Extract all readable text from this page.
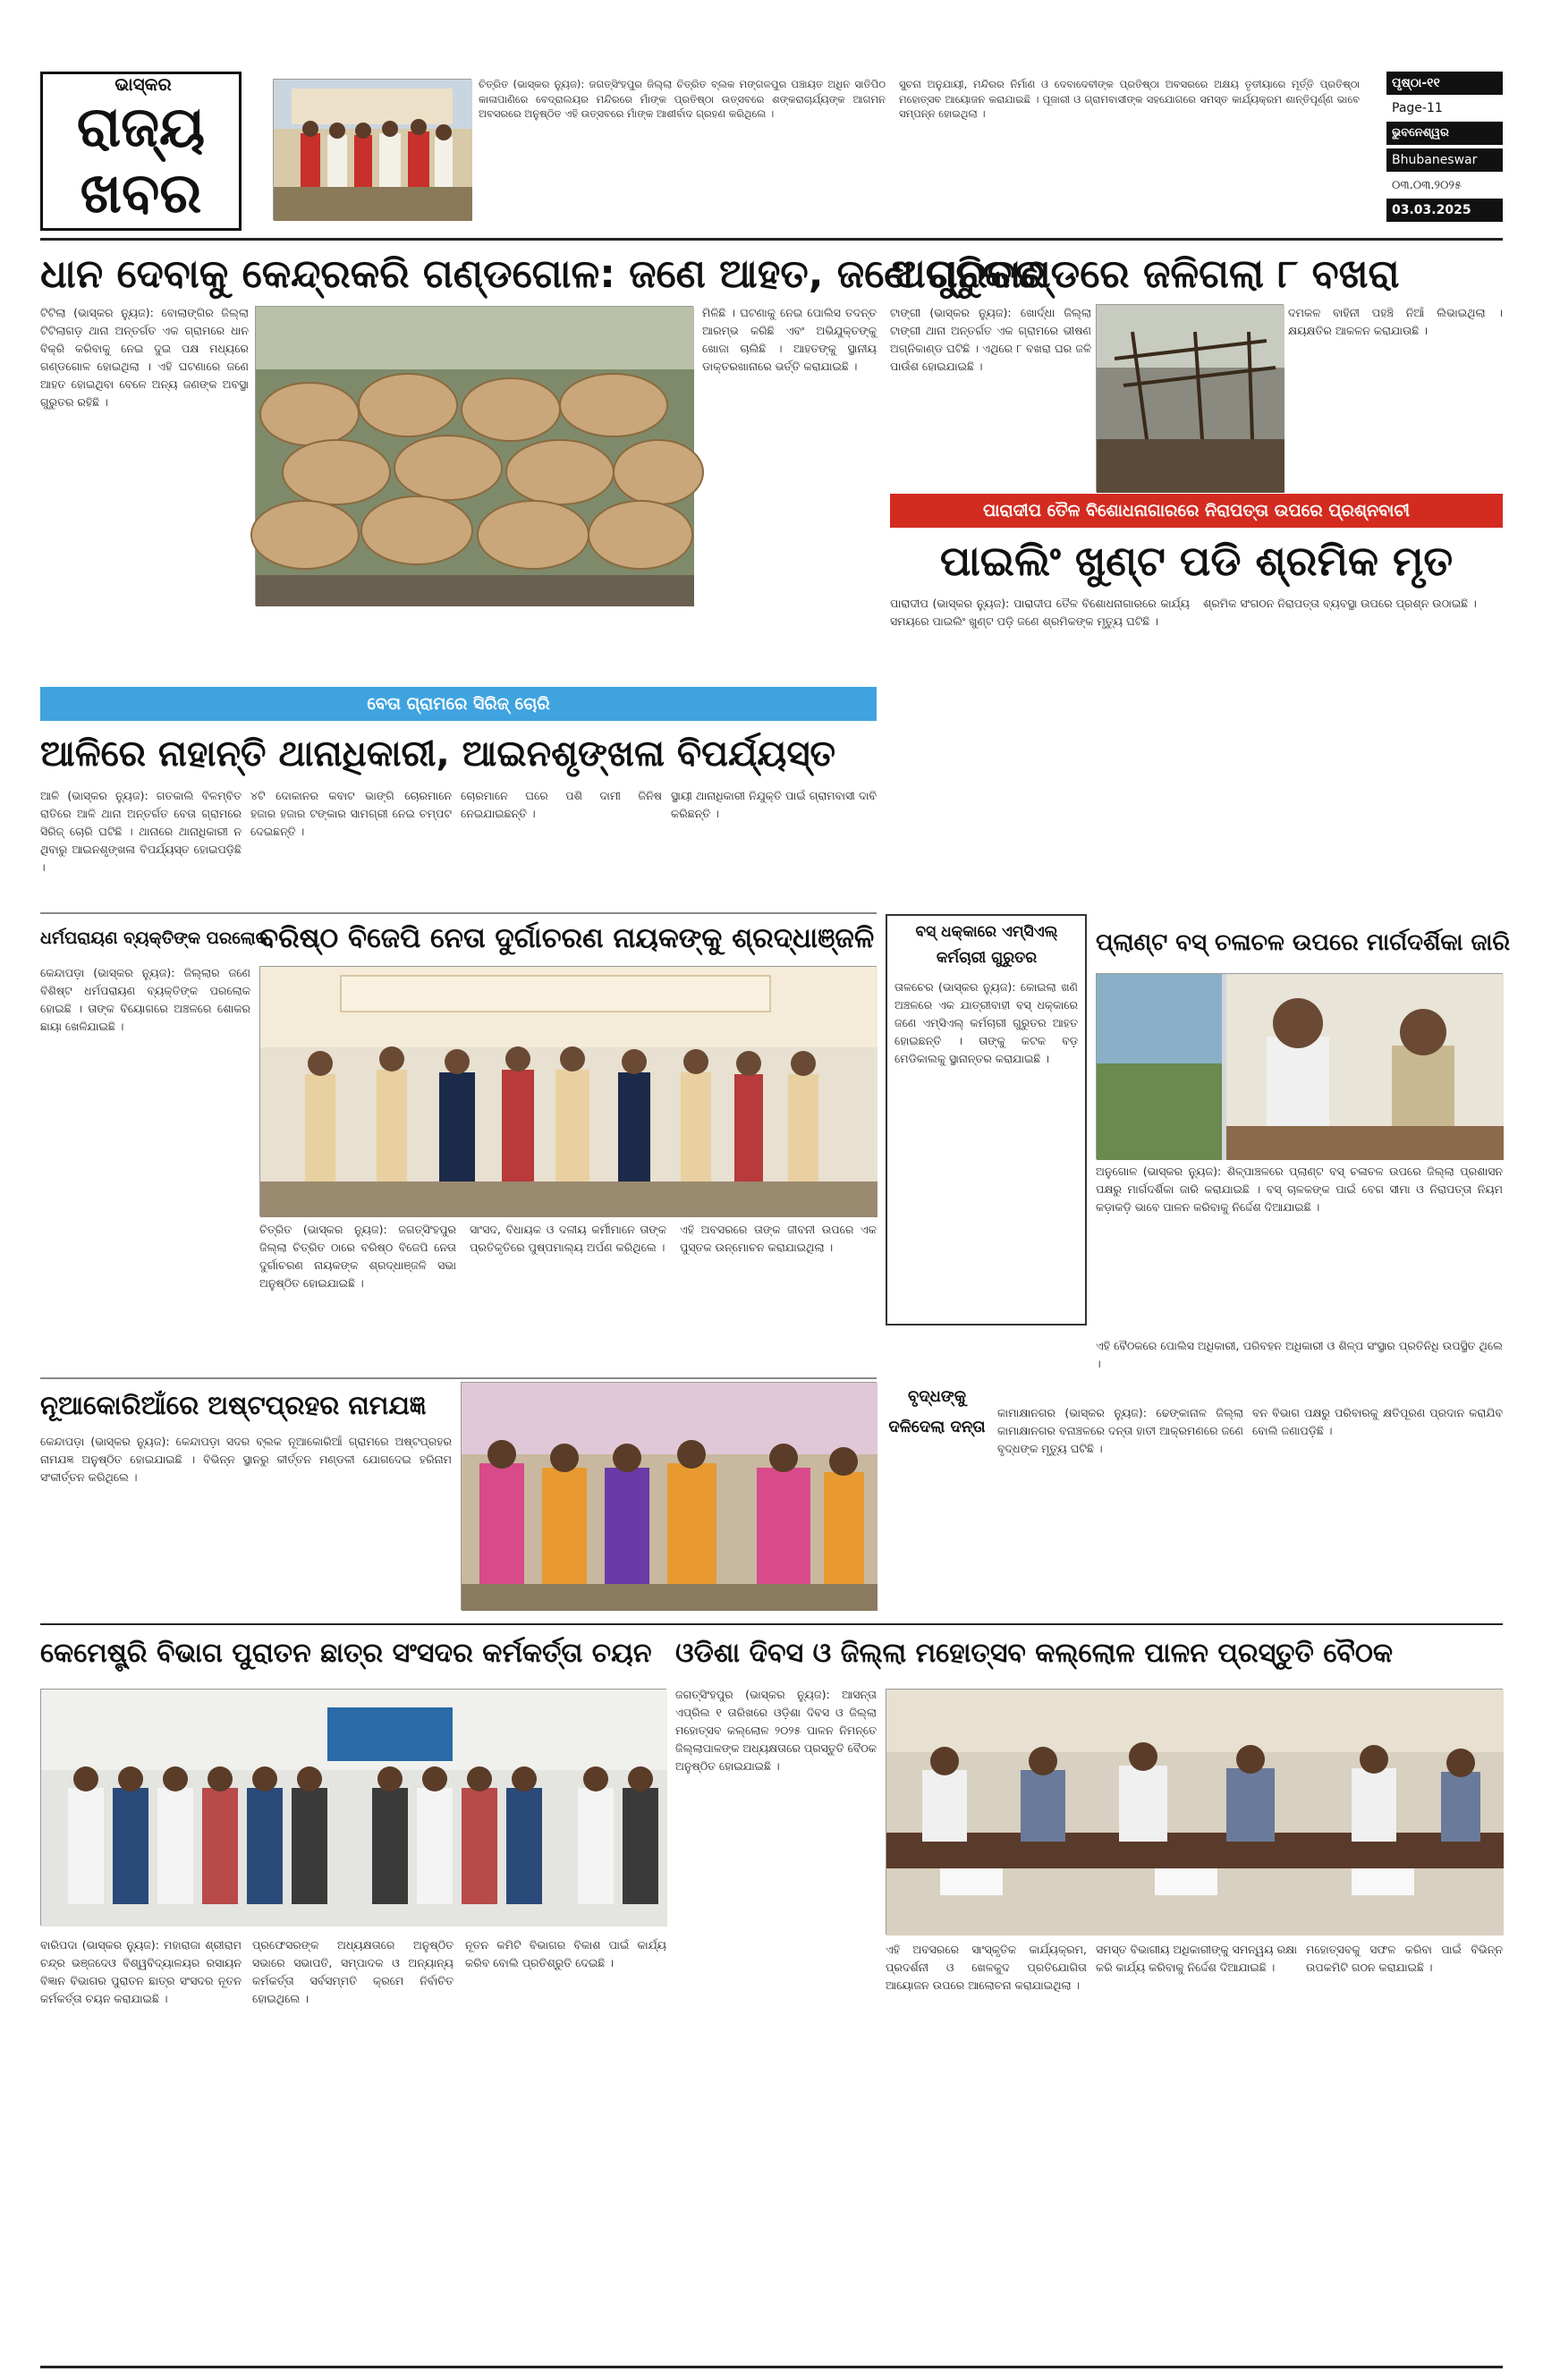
ଭାସ୍କର
ରାଜ୍ୟ
ଖବର
ଚିତ୍ରିତ (ଭାସ୍କର ନ୍ୟୁଜ): ଜଗତ୍ସିଂହପୁର ଜିଲ୍ଲା ଚିତ୍ରିତ ବ୍ଲକ ମଙ୍ଗଳପୁର ପଞ୍ଚାୟତ ଅଧିନ ସାତିପିଠ କାଳାପାଣିରେ ବେଦ୍ରାଲୟର ମନ୍ଦିରରେ ମାଁଙ୍କ ପ୍ରତିଷ୍ଠା ଉତ୍ସବରେ ଶଙ୍କରାଚାର୍ଯ୍ୟଙ୍କ ଆଗମନ ଅବସରରେ ଅନୁଷ୍ଠିତ ଏହି ଉତ୍ସବରେ ମାଁଙ୍କ ଆଶୀର୍ବାଦ ଗ୍ରହଣ କରିଥିଲେ ।
ସୁଚନା ଅନୁଯାୟୀ, ମନ୍ଦିରର ନିର୍ମାଣ ଓ ଦେବାଦେବୀଙ୍କ ପ୍ରତିଷ୍ଠା ଅବସରରେ ଅକ୍ଷୟ ତୃତୀୟାରେ ମୂର୍ତ୍ତି ପ୍ରତିଷ୍ଠା ମହୋତ୍ସବ ଆୟୋଜନ କରାଯାଇଛି । ପୂଜାରୀ ଓ ଗ୍ରାମବାସୀଙ୍କ ସହଯୋଗରେ ସମସ୍ତ କାର୍ଯ୍ୟକ୍ରମ ଶାନ୍ତିପୂର୍ଣ୍ଣ ଭାବେ ସମ୍ପନ୍ନ ହୋଇଥିଲା ।
ପୃଷ୍ଠା-୧୧
Page-11
ଭୁବନେଶ୍ୱର
Bhubaneswar
୦୩.୦୩.୨୦୨୫
03.03.2025
ଧାନ ଦେବାକୁ କେନ୍ଦ୍ରକରି ଗଣ୍ଡଗୋଳ: ଜଣେ ଆହତ, ଜଣେ ଗୁରୁତର
ଟିଟିଲା (ଭାସ୍କର ନ୍ୟୁଜ): ବୋଲାଙ୍ଗିର ଜିଲ୍ଲା ଟିଟିଲାଗଡ଼ ଥାନା ଅନ୍ତର୍ଗତ ଏକ ଗ୍ରାମରେ ଧାନ ବିକ୍ରି କରିବାକୁ ନେଇ ଦୁଇ ପକ୍ଷ ମଧ୍ୟରେ ଗଣ୍ଡଗୋଳ ହୋଇଥିଲା । ଏହି ଘଟଣାରେ ଜଣେ ଆହତ ହୋଇଥିବା ବେଳେ ଅନ୍ୟ ଜଣଙ୍କ ଅବସ୍ଥା ଗୁରୁତର ରହିଛି ।
ମିଳିଛି । ଘଟଣାକୁ ନେଇ ପୋଲିସ ତଦନ୍ତ ଆରମ୍ଭ କରିଛି ଏବଂ ଅଭିଯୁକ୍ତଙ୍କୁ ଖୋଜା ଚାଲିଛି । ଆହତଙ୍କୁ ସ୍ଥାନୀୟ ଡାକ୍ତରଖାନାରେ ଭର୍ତ୍ତି କରାଯାଇଛି ।
ଅଗ୍ନିକାଣ୍ଡରେ ଜଳିଗଲା ୮ ବଖରା
ଟାଙ୍ଗୀ (ଭାସ୍କର ନ୍ୟୁଜ): ଖୋର୍ଦ୍ଧା ଜିଲ୍ଲା ଟାଙ୍ଗୀ ଥାନା ଅନ୍ତର୍ଗତ ଏକ ଗ୍ରାମରେ ଭୀଷଣ ଅଗ୍ନିକାଣ୍ଡ ଘଟିଛି । ଏଥିରେ ୮ ବଖରା ଘର ଜଳି ପାଉଁଶ ହୋଇଯାଇଛି ।
ଦମକଳ ବାହିନୀ ପହଞ୍ଚି ନିଆଁ ଲିଭାଇଥିଲା । କ୍ଷୟକ୍ଷତିର ଆକଳନ କରାଯାଉଛି ।
ପାରାଦୀପ ତୈଳ ବିଶୋଧନାଗାରରେ ନିରାପତ୍ତା ଉପରେ ପ୍ରଶ୍ନବାଚୀ
ପାଇଲିଂ ଖୁଣ୍ଟ ପଡି ଶ୍ରମିକ ମୃତ
ପାରାଦୀପ (ଭାସ୍କର ନ୍ୟୁଜ): ପାରାଦୀପ ତୈଳ ବିଶୋଧନାଗାରରେ କାର୍ଯ୍ୟ ସମୟରେ ପାଇଲିଂ ଖୁଣ୍ଟ ପଡ଼ି ଜଣେ ଶ୍ରମିକଙ୍କ ମୃତ୍ୟୁ ଘଟିଛି ।
ଶ୍ରମିକ ସଂଗଠନ ନିରାପତ୍ତା ବ୍ୟବସ୍ଥା ଉପରେ ପ୍ରଶ୍ନ ଉଠାଇଛି ।
ବେତା ଗ୍ରାମରେ ସିରିଜ୍ ଚୋରି
ଆଳିରେ ନାହାନ୍ତି ଥାନାଧିକାରୀ, ଆଇନଶୃଙ୍ଖଳା ବିପର୍ଯ୍ୟସ୍ତ
ଆଳି (ଭାସ୍କର ନ୍ୟୁଜ): ଗତକାଲି ବିଳମ୍ବିତ ରାତିରେ ଆଳି ଥାନା ଅନ୍ତର୍ଗତ ବେତା ଗ୍ରାମରେ ସିରିଜ୍ ଚୋରି ଘଟିଛି । ଥାନାରେ ଥାନାଧିକାରୀ ନ ଥିବାରୁ ଆଇନଶୃଙ୍ଖଳା ବିପର୍ଯ୍ୟସ୍ତ ହୋଇପଡ଼ିଛି ।
୪ଟି ଦୋକାନର କବାଟ ଭାଙ୍ଗି ଚୋରମାନେ ହଜାର ହଜାର ଟଙ୍କାର ସାମଗ୍ରୀ ନେଇ ଚମ୍ପଟ ଦେଇଛନ୍ତି ।
ଚୋରମାନେ ଘରେ ପଶି ଦାମୀ ଜିନିଷ ନେଇଯାଇଛନ୍ତି ।
ସ୍ଥାୟୀ ଥାନାଧିକାରୀ ନିଯୁକ୍ତି ପାଇଁ ଗ୍ରାମବାସୀ ଦାବି କରିଛନ୍ତି ।
ଧର୍ମପରାୟଣ ବ୍ୟକ୍ତିଙ୍କ ପରଲୋକ
କେନ୍ଦାପଡ଼ା (ଭାସ୍କର ନ୍ୟୁଜ): ଜିଲ୍ଲାର ଜଣେ ବିଶିଷ୍ଟ ଧର୍ମପରାୟଣ ବ୍ୟକ୍ତିଙ୍କ ପରଲୋକ ହୋଇଛି । ତାଙ୍କ ବିୟୋଗରେ ଅଞ୍ଚଳରେ ଶୋକର ଛାୟା ଖେଳିଯାଇଛି ।
ବରିଷ୍ଠ ବିଜେପି ନେତା ଦୁର୍ଗାଚରଣ ନାୟକଙ୍କୁ ଶ୍ରଦ୍ଧାଞ୍ଜଳି
ଚିତ୍ରିତ (ଭାସ୍କର ନ୍ୟୁଜ): ଜଗତ୍ସିଂହପୁର ଜିଲ୍ଲା ଚିତ୍ରିତ ଠାରେ ବରିଷ୍ଠ ବିଜେପି ନେତା ଦୁର୍ଗାଚରଣ ନାୟକଙ୍କ ଶ୍ରଦ୍ଧାଞ୍ଜଳି ସଭା ଅନୁଷ୍ଠିତ ହୋଇଯାଇଛି ।
ସାଂସଦ, ବିଧାୟକ ଓ ଦଳୀୟ କର୍ମୀମାନେ ତାଙ୍କ ପ୍ରତିକୃତିରେ ପୁଷ୍ପମାଲ୍ୟ ଅର୍ପଣ କରିଥିଲେ ।
ଏହି ଅବସରରେ ତାଙ୍କ ଜୀବନୀ ଉପରେ ଏକ ପୁସ୍ତକ ଉନ୍ମୋଚନ କରାଯାଇଥିଲା ।
ବସ୍ ଧକ୍କାରେ ଏମ୍ସିଏଲ୍ କର୍ମଚାରୀ ଗୁରୁତର
ତାଳଚେର (ଭାସ୍କର ନ୍ୟୁଜ): କୋଇଲା ଖଣି ଅଞ୍ଚଳରେ ଏକ ଯାତ୍ରୀବାହୀ ବସ୍ ଧକ୍କାରେ ଜଣେ ଏମ୍ସିଏଲ୍ କର୍ମଚାରୀ ଗୁରୁତର ଆହତ ହୋଇଛନ୍ତି । ତାଙ୍କୁ କଟକ ବଡ଼ ମେଡିକାଲକୁ ସ୍ଥାନାନ୍ତର କରାଯାଇଛି ।
ପ୍ଲାଣ୍ଟ ବସ୍ ଚଳାଚଳ ଉପରେ ମାର୍ଗଦର୍ଶିକା ଜାରି
ଅନୁଗୋଳ (ଭାସ୍କର ନ୍ୟୁଜ): ଶିଳ୍ପାଞ୍ଚଳରେ ପ୍ଲାଣ୍ଟ ବସ୍ ଚଳାଚଳ ଉପରେ ଜିଲ୍ଲା ପ୍ରଶାସନ ପକ୍ଷରୁ ମାର୍ଗଦର୍ଶିକା ଜାରି କରାଯାଇଛି । ବସ୍ ଚାଳକଙ୍କ ପାଇଁ ବେଗ ସୀମା ଓ ନିରାପତ୍ତା ନିୟମ କଡ଼ାକଡ଼ି ଭାବେ ପାଳନ କରିବାକୁ ନିର୍ଦ୍ଦେଶ ଦିଆଯାଇଛି ।
ଏହି ବୈଠକରେ ପୋଲିସ ଅଧିକାରୀ, ପରିବହନ ଅଧିକାରୀ ଓ ଶିଳ୍ପ ସଂସ୍ଥାର ପ୍ରତିନିଧି ଉପସ୍ଥିତ ଥିଲେ ।
ନୂଆକୋରିଆଁରେ ଅଷ୍ଟପ୍ରହର ନାମଯଜ୍ଞ
କେନ୍ଦାପଡ଼ା (ଭାସ୍କର ନ୍ୟୁଜ): କେନ୍ଦାପଡ଼ା ସଦର ବ୍ଲକ ନୂଆକୋରିଆଁ ଗ୍ରାମରେ ଅଷ୍ଟପ୍ରହର ନାମଯଜ୍ଞ ଅନୁଷ୍ଠିତ ହୋଇଯାଇଛି । ବିଭିନ୍ନ ସ୍ଥାନରୁ କୀର୍ତ୍ତନ ମଣ୍ଡଳୀ ଯୋଗଦେଇ ହରିନାମ ସଂକୀର୍ତ୍ତନ କରିଥିଲେ ।
ବୃଦ୍ଧଙ୍କୁ ଦଳିଦେଲା ଦନ୍ତା
କାମାକ୍ଷାନଗର (ଭାସ୍କର ନ୍ୟୁଜ): ଢେଙ୍କାନାଳ ଜିଲ୍ଲା କାମାକ୍ଷାନଗର ବନାଞ୍ଚଳରେ ଦନ୍ତା ହାତୀ ଆକ୍ରମଣରେ ଜଣେ ବୃଦ୍ଧଙ୍କ ମୃତ୍ୟୁ ଘଟିଛି ।
ବନ ବିଭାଗ ପକ୍ଷରୁ ପରିବାରକୁ କ୍ଷତିପୂରଣ ପ୍ରଦାନ କରାଯିବ ବୋଲି ଜଣାପଡ଼ିଛି ।
କେମେଷ୍ଟ୍ରି ବିଭାଗ ପୁରାତନ ଛାତ୍ର ସଂସଦର କର୍ମକର୍ତ୍ତା ଚୟନ
ବାରିପଦା (ଭାସ୍କର ନ୍ୟୁଜ): ମହାରାଜା ଶ୍ରୀରାମ ଚନ୍ଦ୍ର ଭଞ୍ଜଦେଓ ବିଶ୍ୱବିଦ୍ୟାଳୟର ରସାୟନ ବିଜ୍ଞାନ ବିଭାଗର ପୁରାତନ ଛାତ୍ର ସଂସଦର ନୂତନ କର୍ମକର୍ତ୍ତା ଚୟନ କରାଯାଇଛି ।
ପ୍ରଫେସରଙ୍କ ଅଧ୍ୟକ୍ଷତାରେ ଅନୁଷ୍ଠିତ ସଭାରେ ସଭାପତି, ସମ୍ପାଦକ ଓ ଅନ୍ୟାନ୍ୟ କର୍ମକର୍ତ୍ତା ସର୍ବସମ୍ମତି କ୍ରମେ ନିର୍ବାଚିତ ହୋଇଥିଲେ ।
ନୂତନ କମିଟି ବିଭାଗର ବିକାଶ ପାଇଁ କାର୍ଯ୍ୟ କରିବ ବୋଲି ପ୍ରତିଶ୍ରୁତି ଦେଇଛି ।
ଓଡିଶା ଦିବସ ଓ ଜିଲ୍ଲା ମହୋତ୍ସବ କଲ୍ଲୋଳ ପାଳନ ପ୍ରସ୍ତୁତି ବୈଠକ
ଜଗତ୍ସିଂହପୁର (ଭାସ୍କର ନ୍ୟୁଜ): ଆସନ୍ତା ଏପ୍ରିଲ ୧ ତାରିଖରେ ଓଡ଼ିଶା ଦିବସ ଓ ଜିଲ୍ଲା ମହୋତ୍ସବ କଲ୍ଲୋଳ ୨୦୨୫ ପାଳନ ନିମନ୍ତେ ଜିଲ୍ଲାପାଳଙ୍କ ଅଧ୍ୟକ୍ଷତାରେ ପ୍ରସ୍ତୁତି ବୈଠକ ଅନୁଷ୍ଠିତ ହୋଇଯାଇଛି ।
ଏହି ଅବସରରେ ସାଂସ୍କୃତିକ କାର୍ଯ୍ୟକ୍ରମ, ପ୍ରଦର୍ଶନୀ ଓ ଖେଳକୁଦ ପ୍ରତିଯୋଗିତା ଆୟୋଜନ ଉପରେ ଆଲୋଚନା କରାଯାଇଥିଲା ।
ସମସ୍ତ ବିଭାଗୀୟ ଅଧିକାରୀଙ୍କୁ ସମନ୍ୱୟ ରକ୍ଷା କରି କାର୍ଯ୍ୟ କରିବାକୁ ନିର୍ଦ୍ଦେଶ ଦିଆଯାଇଛି ।
ମହୋତ୍ସବକୁ ସଫଳ କରିବା ପାଇଁ ବିଭିନ୍ନ ଉପକମିଟି ଗଠନ କରାଯାଇଛି ।
